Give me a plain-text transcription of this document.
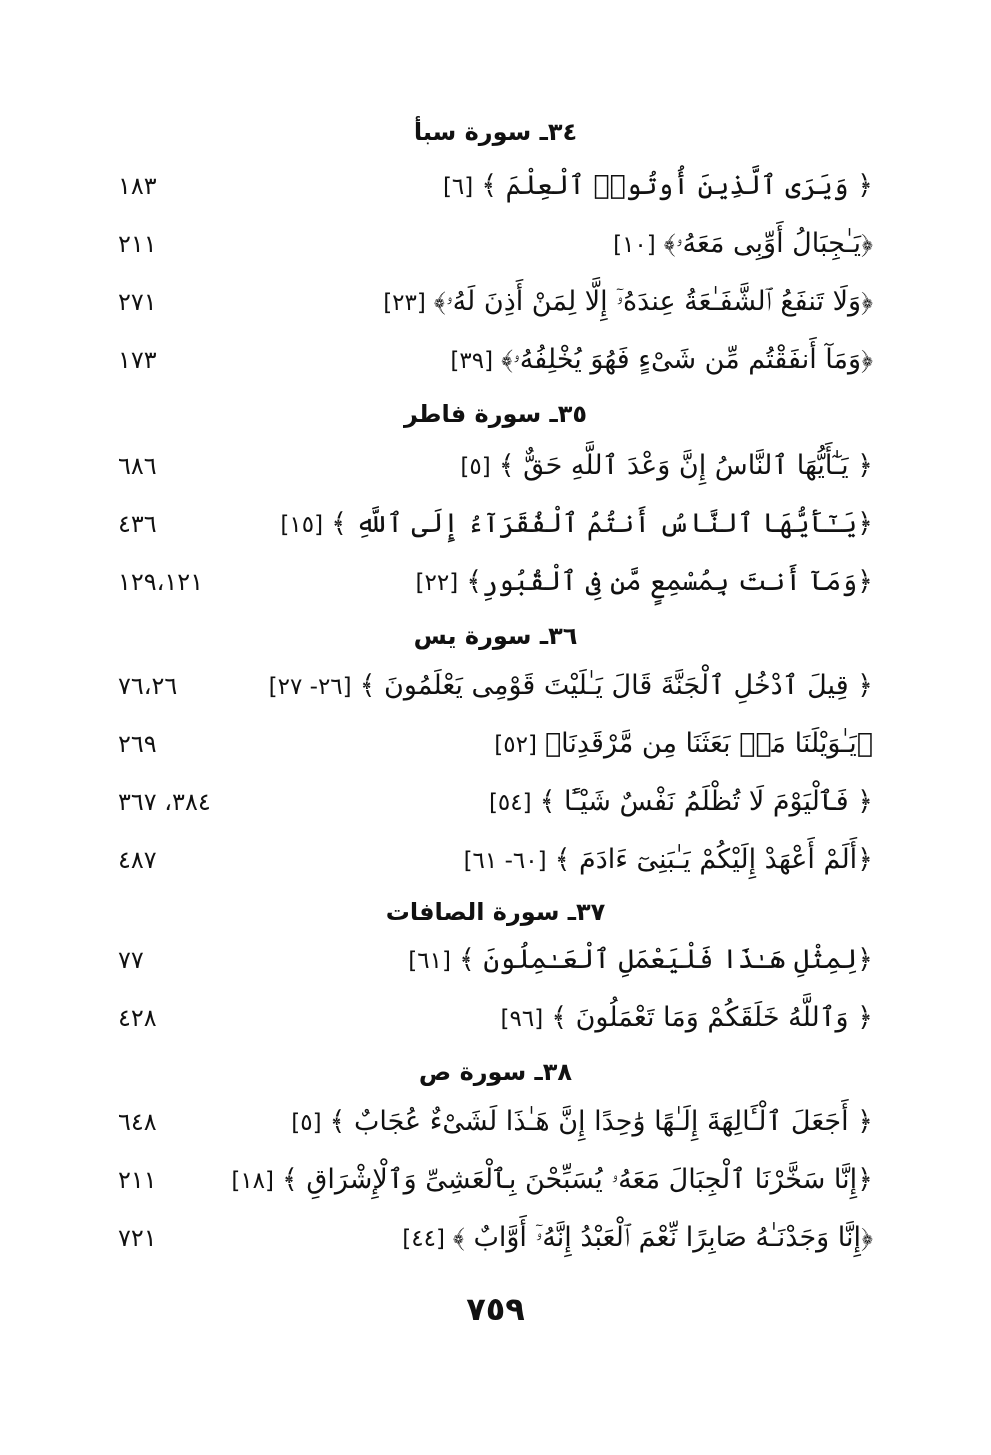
٣٤ـ سورة سبأ
﴿ وَيَرَى ٱلَّذِينَ أُوتُوا۟ ٱلْعِلْمَ ﴾[٦]
١٨٣
﴿يَـٰجِبَالُ أَوِّبِى مَعَهُۥ﴾[١٠]
٢١١
﴿وَلَا تَنفَعُ ٱلشَّفَـٰعَةُ عِندَهُۥٓ إِلَّا لِمَنْ أَذِنَ لَهُۥ﴾[٢٣]
٢٧١
﴿وَمَآ أَنفَقْتُم مِّن شَىْءٍ فَهُوَ يُخْلِفُهُۥ﴾[٣٩]
١٧٣
٣٥ـ سورة فاطر
﴿ يَـٰٓأَيُّهَا ٱلنَّاسُ إِنَّ وَعْدَ ٱللَّهِ حَقٌّ ﴾[٥]
٦٨٦
﴿يَـٰٓأَيُّهَا ٱلنَّاسُ أَنتُمُ ٱلْفُقَرَآءُ إِلَى ٱللَّهِ ﴾[١٥]
٤٣٦
﴿وَمَآ أَنتَ بِمُسْمِعٍ مَّن فِى ٱلْقُبُورِ﴾[٢٢]
١٢٩،١٢١
٣٦ـ سورة يس
﴿ قِيلَ ٱدْخُلِ ٱلْجَنَّةَ قَالَ يَـٰلَيْتَ قَوْمِى يَعْلَمُونَ ﴾[٢٦- ٢٧]
٧٦،٢٦
﴿يَـٰوَيْلَنَا مَنۢ بَعَثَنَا مِن مَّرْقَدِنَا﴾[٥٢]
٢٦٩
﴿ فَٱلْيَوْمَ لَا تُظْلَمُ نَفْسٌ شَيْـًٔا ﴾[٥٤]
٣٨٤، ٣٦٧
﴿أَلَمْ أَعْهَدْ إِلَيْكُمْ يَـٰبَنِىٓ ءَادَمَ ﴾[٦٠- ٦١]
٤٨٧
٣٧ـ سورة الصافات
﴿لِمِثْلِ هَـٰذَا فَلْيَعْمَلِ ٱلْعَـٰمِلُونَ ﴾[٦١]
٧٧
﴿ وَٱللَّهُ خَلَقَكُمْ وَمَا تَعْمَلُونَ ﴾[٩٦]
٤٢٨
٣٨ـ سورة ص
﴿ أَجَعَلَ ٱلْـَٔالِهَةَ إِلَـٰهًا وَٰحِدًا إِنَّ هَـٰذَا لَشَىْءٌ عُجَابٌ ﴾[٥]
٦٤٨
﴿إِنَّا سَخَّرْنَا ٱلْجِبَالَ مَعَهُۥ يُسَبِّحْنَ بِٱلْعَشِىِّ وَٱلْإِشْرَاقِ ﴾[١٨]
٢١١
﴿إِنَّا وَجَدْنَـٰهُ صَابِرًا نِّعْمَ ٱلْعَبْدُ إِنَّهُۥٓ أَوَّابٌ ﴾[٤٤]
٧٢١
٧٥٩
